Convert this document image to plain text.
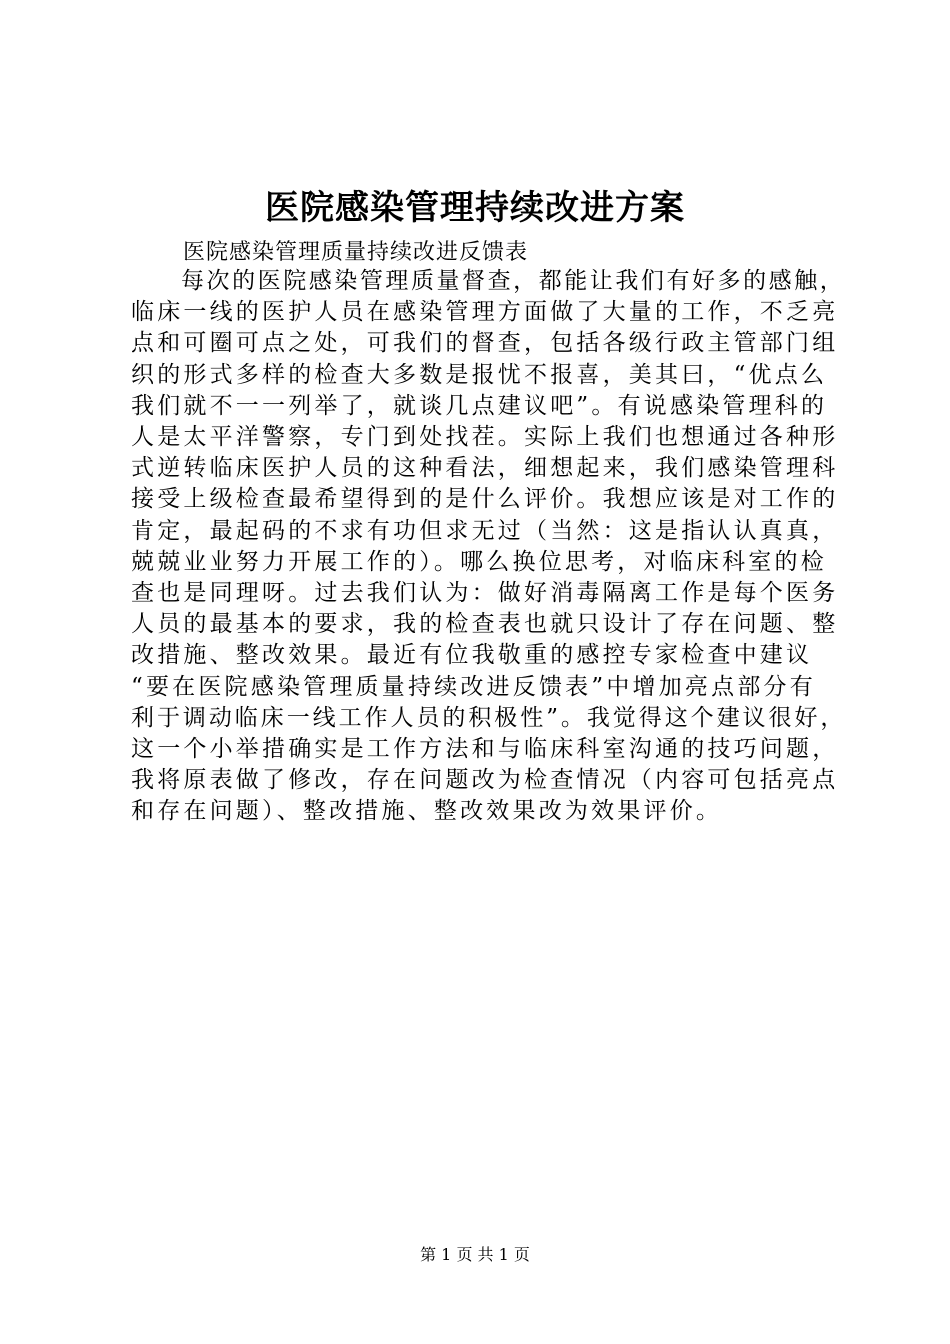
医院感染管理持续改进方案
医院感染管理质量持续改进反馈表
每次的医院感染管理质量督查，都能让我们有好多的感触，
临床一线的医护人员在感染管理方面做了大量的工作，不乏亮
点和可圈可点之处，可我们的督查，包括各级行政主管部门组
织的形式多样的检查大多数是报忧不报喜，美其曰，“优点么
我们就不一一列举了，就谈几点建议吧”。有说感染管理科的
人是太平洋警察，专门到处找茬。实际上我们也想通过各种形
式逆转临床医护人员的这种看法，细想起来，我们感染管理科
接受上级检查最希望得到的是什么评价。我想应该是对工作的
肯定，最起码的不求有功但求无过（当然：这是指认认真真，
兢兢业业努力开展工作的）。哪么换位思考，对临床科室的检
查也是同理呀。过去我们认为：做好消毒隔离工作是每个医务
人员的最基本的要求，我的检查表也就只设计了存在问题、整
改措施、整改效果。最近有位我敬重的感控专家检查中建议
“要在医院感染管理质量持续改进反馈表”中增加亮点部分有
利于调动临床一线工作人员的积极性”。我觉得这个建议很好，
这一个小举措确实是工作方法和与临床科室沟通的技巧问题，
我将原表做了修改，存在问题改为检查情况（内容可包括亮点
和存在问题）、整改措施、整改效果改为效果评价。
第 1 页 共 1 页
